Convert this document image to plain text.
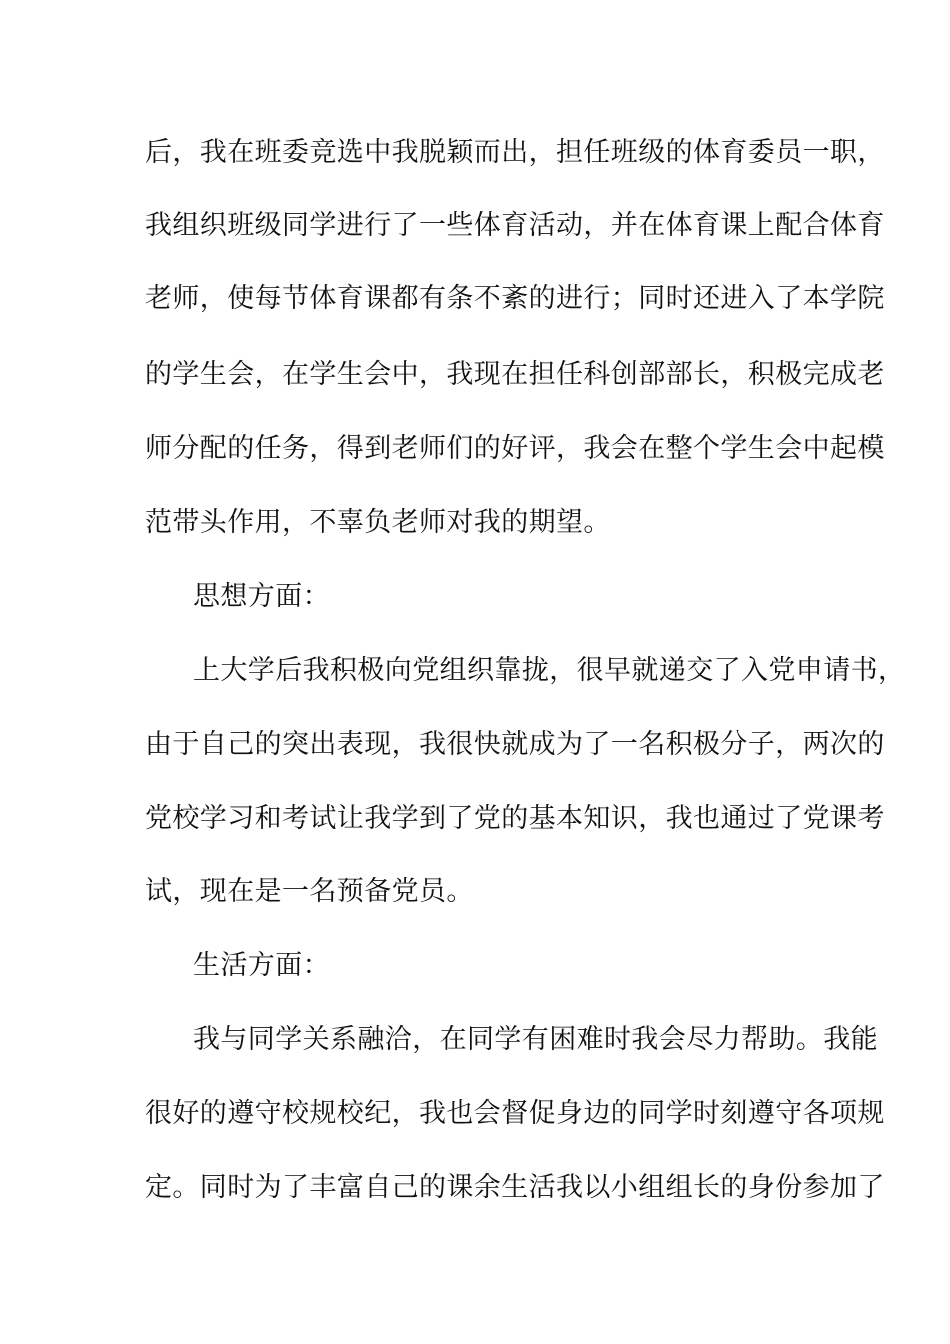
后，我在班委竞选中我脱颖而出，担任班级的体育委员一职，
我组织班级同学进行了一些体育活动，并在体育课上配合体育
老师，使每节体育课都有条不紊的进行；同时还进入了本学院
的学生会，在学生会中，我现在担任科创部部长，积极完成老
师分配的任务，得到老师们的好评，我会在整个学生会中起模
范带头作用，不辜负老师对我的期望。
思想方面：
上大学后我积极向党组织靠拢，很早就递交了入党申请书，
由于自己的突出表现，我很快就成为了一名积极分子，两次的
党校学习和考试让我学到了党的基本知识，我也通过了党课考
试，现在是一名预备党员。
生活方面：
我与同学关系融洽，在同学有困难时我会尽力帮助。我能
很好的遵守校规校纪，我也会督促身边的同学时刻遵守各项规
定。同时为了丰富自己的课余生活我以小组组长的身份参加了
